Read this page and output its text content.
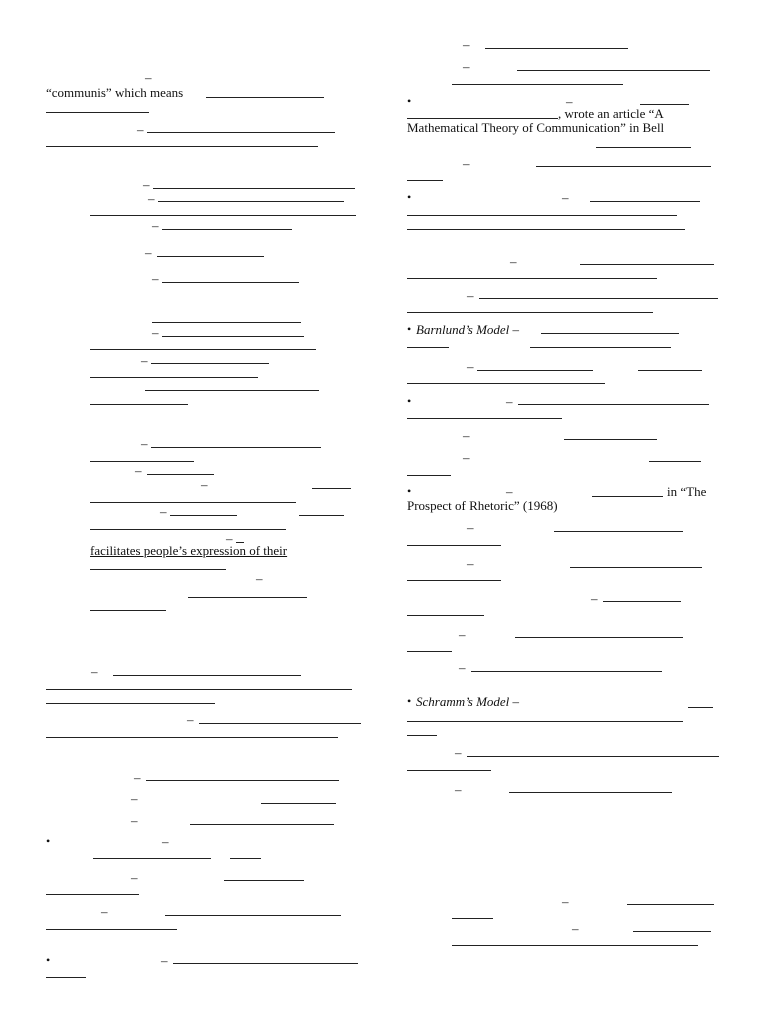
–
“communis” which means
–
–
–
–
–
–
–
–
–
–
–
–
–
facilitates people’s expression of their
–
–
–
–
–
–
•	–
–
–
•	–
–
–
•	–
, wrote an article “A
Mathematical Theory of Communication” in Bell
–
•	–
–
–
• Barnlund’s Model –
–
•	–
–
–
•	–	in “The
Prospect of Rhetoric” (1968)
–
–
–
–
–
• Schramm’s Model –
–
–
–
–
